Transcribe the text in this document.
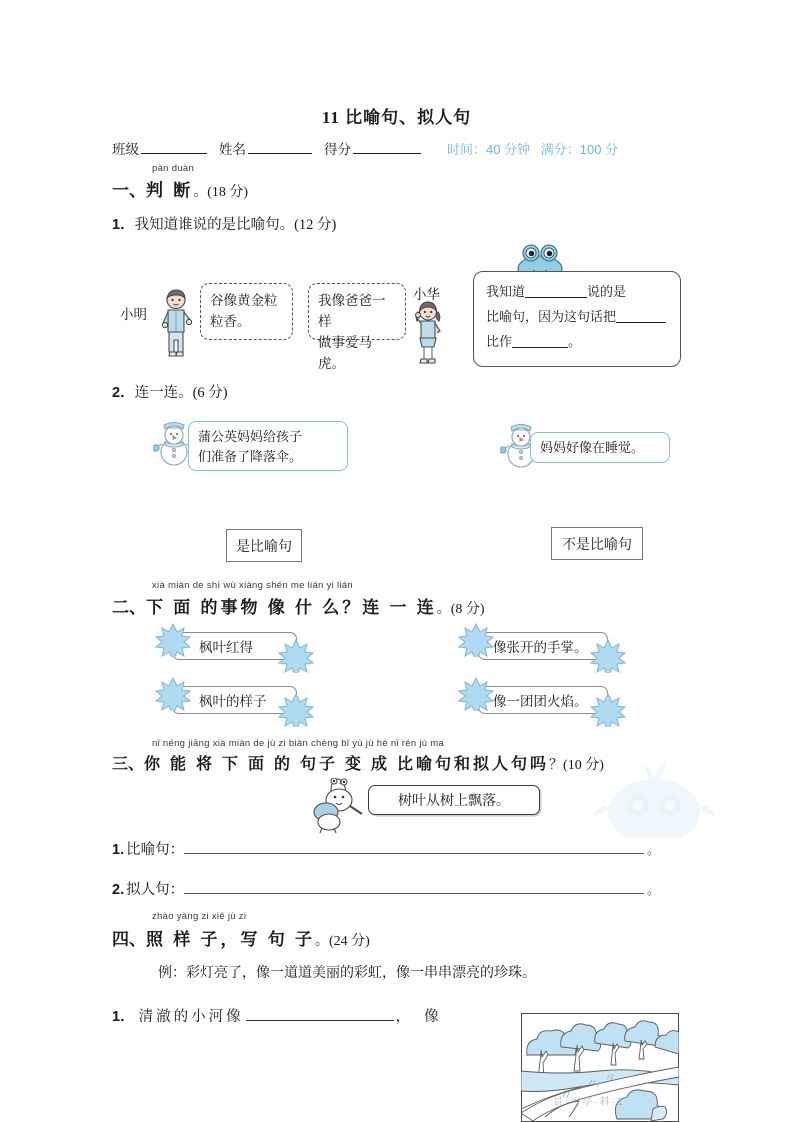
11 比喻句、拟人句
班级	姓名	得分	时间：40 分钟 满分：100 分
pàn duàn
一、判 断。(18 分)
1．我知道谁说的是比喻句。(12 分)
小明
谷像黄金粒
粒香。
我像爸爸一样
做事爱马虎。
小华	我知道	说的是
比喻句，因为这句话把
比作	。
2．连一连。(6 分)
蒲公英妈妈给孩子
们准备了降落伞。
妈妈好像在睡觉。
是比喻句	不是比喻句
xià miàn de shì wù xiàng shén me lián yi lián
二、下 面 的事物 像 什 么？连 一 连。(8 分)
枫叶红得
枫叶的样子
像张开的手掌。
像一团团火焰。
nǐ néng jiāng xià miàn de jù zi biàn chéng bǐ yù jù hé nǐ rén jù ma
三、你 能 将 下 面 的 句子 变 成 比喻句和拟人句吗？(10 分)
树叶从树上飘落。
1. 比喻句：	。
2. 拟人句：	。
zhào yàng zi xiě jù zi
四、照 样 子，写 句 子。(24 分)
例：彩灯亮了，像一道道美丽的彩虹，像一串串漂亮的珍珠。
1． 清澈的小河像	， 像
景·可亭·料·1
